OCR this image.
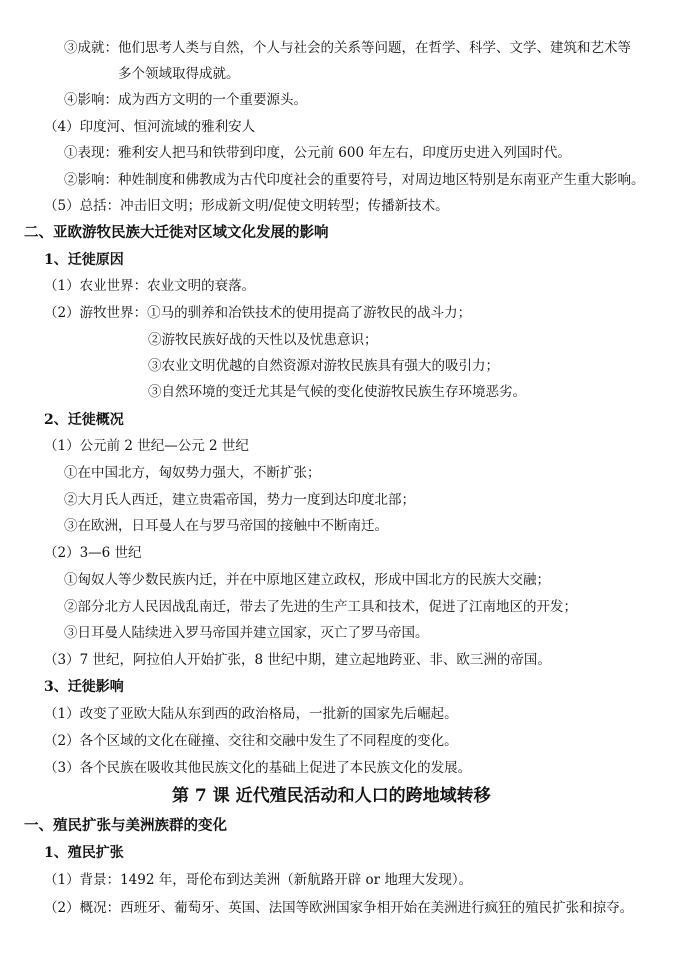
③成就：他们思考人类与自然，个人与社会的关系等问题，在哲学、科学、文学、建筑和艺术等
多个领域取得成就。
④影响：成为西方文明的一个重要源头。
（4）印度河、恒河流域的雅利安人
①表现：雅利安人把马和铁带到印度，公元前 600 年左右，印度历史进入列国时代。
②影响：种姓制度和佛教成为古代印度社会的重要符号，对周边地区特别是东南亚产生重大影响。
（5）总括：冲击旧文明；形成新文明/促使文明转型；传播新技术。
二、亚欧游牧民族大迁徙对区域文化发展的影响
1、迁徙原因
（1）农业世界：农业文明的衰落。
（2）游牧世界：①马的驯养和冶铁技术的使用提高了游牧民的战斗力；
②游牧民族好战的天性以及忧患意识；
③农业文明优越的自然资源对游牧民族具有强大的吸引力；
③自然环境的变迁尤其是气候的变化使游牧民族生存环境恶劣。
2、迁徙概况
（1）公元前 2 世纪—公元 2 世纪
①在中国北方，匈奴势力强大，不断扩张；
②大月氏人西迁，建立贵霜帝国，势力一度到达印度北部；
③在欧洲，日耳曼人在与罗马帝国的接触中不断南迁。
（2）3—6 世纪
①匈奴人等少数民族内迁，并在中原地区建立政权，形成中国北方的民族大交融；
②部分北方人民因战乱南迁，带去了先进的生产工具和技术，促进了江南地区的开发；
③日耳曼人陆续进入罗马帝国并建立国家，灭亡了罗马帝国。
（3）7 世纪，阿拉伯人开始扩张，8 世纪中期，建立起地跨亚、非、欧三洲的帝国。
3、迁徙影响
（1）改变了亚欧大陆从东到西的政治格局，一批新的国家先后崛起。
（2）各个区域的文化在碰撞、交往和交融中发生了不同程度的变化。
（3）各个民族在吸收其他民族文化的基础上促进了本民族文化的发展。
第 7 课 近代殖民活动和人口的跨地域转移
一、殖民扩张与美洲族群的变化
1、殖民扩张
（1）背景：1492 年，哥伦布到达美洲（新航路开辟 or 地理大发现）。
（2）概况：西班牙、葡萄牙、英国、法国等欧洲国家争相开始在美洲进行疯狂的殖民扩张和掠夺。
